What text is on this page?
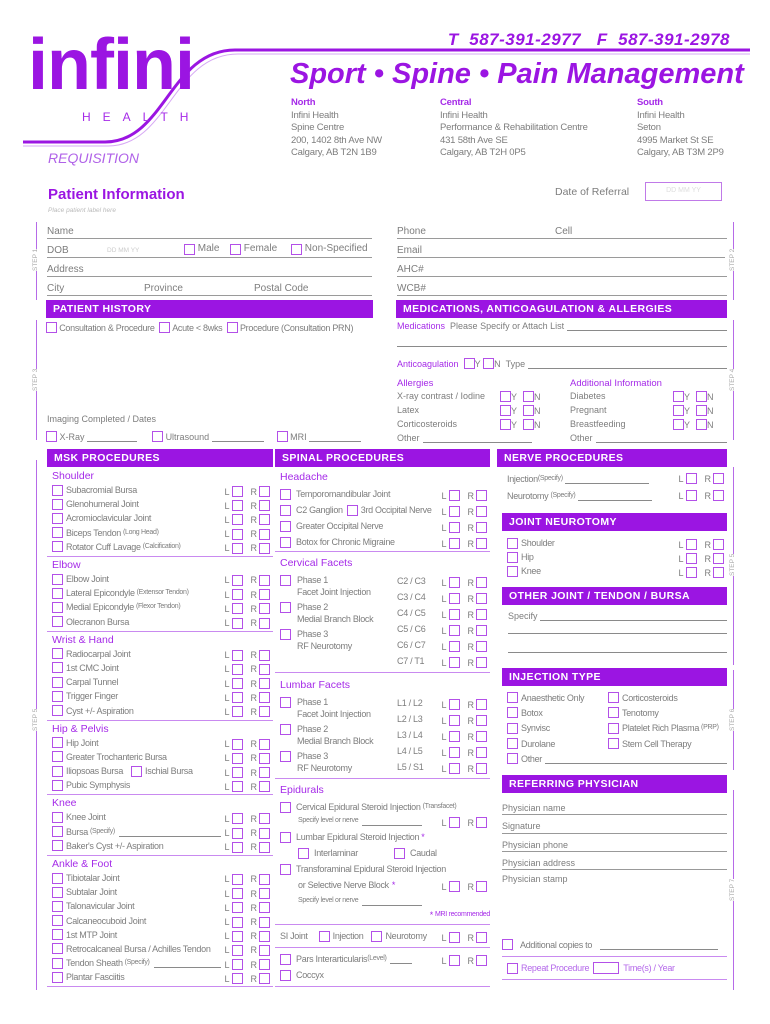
T
587-391-2977
F
587-391-2978
infini
HEALTH
Sport • Spine • Pain Management
REQUISITION
Patient Information
Place patient label here
Date of Referral	DD MM YY
Name
DOB	DD MM YY
	Male
Female
	Non-Specified
Address
City	Province	Postal Code
Phone	Cell
Email
AHC#
WCB#
STEP 1	STEP 2
STEP 3	STEP 4
STEP 5
STEP 5
STEP 6
STEP 7
PATIENT HISTORY

Consultation & Procedure

Acute < 8wks

Procedure (Consultation PRN)
Imaging Completed / Dates

X-Ray

	Ultrasound

	MRI

MEDICATIONS, ANTICOAGULATION & ALLERGIES
Medications
Please Specify or Attach List

Anticoagulation
Y
N
Type

Allergies	Additional Information
X-ray contrast / Iodine	Y N	Diabetes	Y N
Latex	Y N	Pregnant	Y N
Corticosteroids	Y N	Breastfeeding	Y N
Other	Other
MSK PROCEDURES
Shoulder
Subacromial Bursa	L R
Glenohumeral Joint	L R
Acromioclavicular Joint	L R
Biceps Tendon (Long Head)	L R
Rotator Cuff Lavage (Calcification)	L R
Elbow
Elbow Joint	L R
Lateral Epicondyle (Extensor Tendon)	L R
Medial Epicondyle (Flexor Tendon)	L R
Olecranon Bursa	L R
Wrist & Hand
Radiocarpal Joint	L R
1st CMC Joint	L R
Carpal Tunnel	L R
Trigger Finger	L R
Cyst +/- Aspiration	L R
Hip & Pelvis
Hip Joint	L R
Greater Trochanteric Bursa	L R
Iliopsoas Bursa Ischial Bursa	L R
Pubic Symphysis	L R
Knee
Knee Joint	L R
Bursa (Specify)	L R
Baker's Cyst +/- Aspiration	L R
Ankle & Foot
Tibiotalar Joint	L R
Subtalar Joint	L R
Talonavicular Joint	L R
Calcaneocuboid Joint	L R
1st MTP Joint	L R
Retrocalcaneal Bursa / Achilles Tendon L R
Tendon Sheath (Specify)	L R
Plantar Fasciitis	L R
SPINAL PROCEDURES
Headache
Temporomandibular Joint	L R
C2 Ganglion 3rd Occipital Nerve L R
Greater Occipital Nerve	L R
Botox for Chronic Migraine	L R
Cervical Facets
Phase 1
Facet Joint Injection
Phase 2
Medial Branch Block
Phase 3
RF Neurotomy
C2 / C3 L R
C3 / C4 L R
C4 / C5 L R
C5 / C6 L R
C6 / C7 L R
C7 / T1 L R
Lumbar Facets
Phase 1
Facet Joint Injection
Phase 2
Medial Branch Block
Phase 3
RF Neurotomy
L1 / L2 L R
L2 / L3 L R
L3 / L4 L R
L4 / L5 L R
L5 / S1 L R
Epidurals
Cervical Epidural Steroid Injection (Transfacet)
Specify level or nerve	L R
Lumbar Epidural Steroid Injection *
Interlaminar	Caudal
Transforaminal Epidural Steroid Injection
or Selective Nerve Block *	L R
Specify level or nerve
* MRI recommended
SI Joint	Injection Neurotomy L R
Pars Interarticularis (Level)	L R
Coccyx
NERVE PROCEDURES
Injection (Specify)
	L R
Neurotomy
(Specify)
	L R
JOINT NEUROTOMY
Shoulder	L R
Hip	L R
Knee	L R
OTHER JOINT / TENDON / BURSA
Specify

INJECTION TYPE
Anaesthetic Only	Corticosteroids
Botox	Tenotomy
Synvisc	Platelet Rich Plasma (PRP)
Durolane	Stem Cell Therapy
Other
REFERRING PHYSICIAN
Physician name
Signature
Physician phone
Physician address
Physician stamp
Additional copies to
Repeat Procedure	Time(s) / Year
North
Infini Health
Spine Centre
200, 1402 8th Ave NW
Calgary, AB T2N 1B9
Central
Infini Health
Performance & Rehabilitation Centre
431 58th Ave SE
Calgary, AB T2H 0P5
South
Infini Health
Seton
4995 Market St SE
Calgary, AB T3M 2P9
